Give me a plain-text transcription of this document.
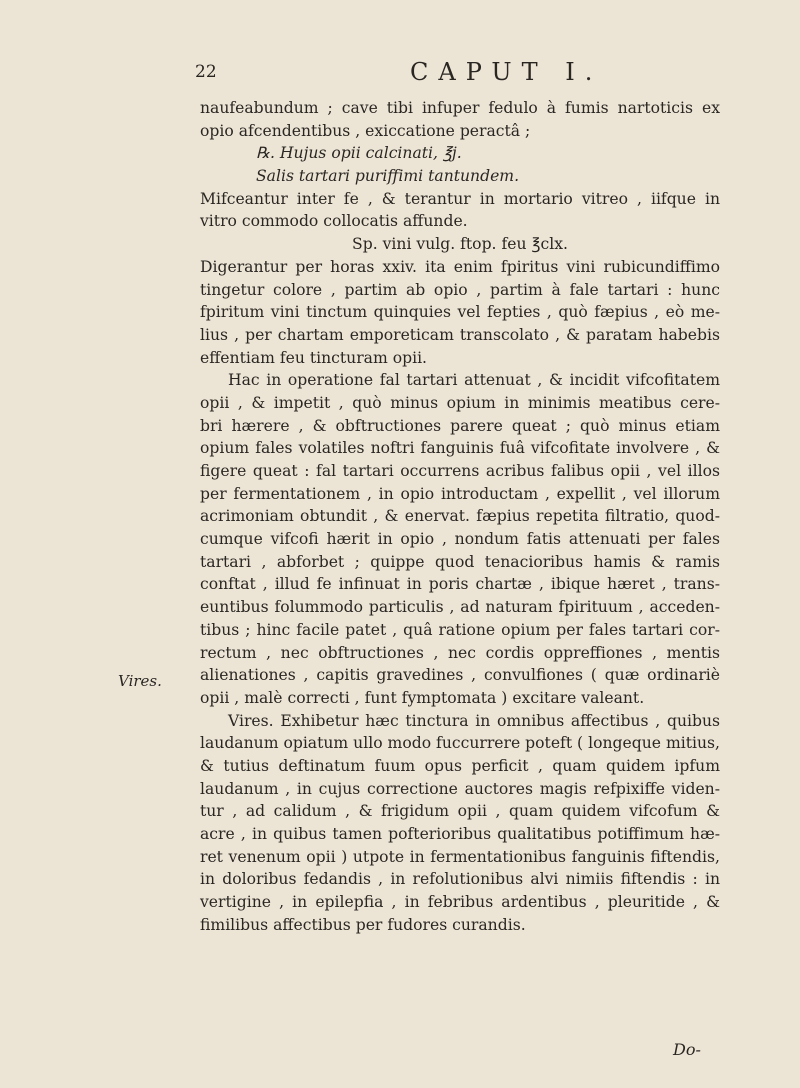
22	CAPUT I.
naufeabundum ; cave tibi infuper fedulo à fumis nartoticis ex
opio afcendentibus , exiccatione peractâ ;
℞. Hujus opii calcinati, ℥j.
Salis tartari puriffimi tantundem.
Mifceantur inter fe , & terantur in mortario vitreo , iifque in
vitro commodo collocatis affunde.
Sp. vini vulg. ftop. feu ℥clx.
Digerantur per horas xxiv. ita enim fpiritus vini rubicundiffimo
tingetur colore , partim ab opio , partim à fale tartari : hunc
fpiritum vini tinctum quinquies vel fepties , quò fæpius , eò me-
lius , per chartam emporeticam transcolato , & paratam habebis
effentiam feu tincturam opii.
Hac in operatione fal tartari attenuat , & incidit vifcofitatem
opii , & impetit , quò minus opium in minimis meatibus cere-
bri hærere , & obftructiones parere queat ; quò minus etiam
opium fales volatiles noftri fanguinis fuâ vifcofitate involvere , &
figere queat : fal tartari occurrens acribus falibus opii , vel illos
per fermentationem , in opio introductam , expellit , vel illorum
acrimoniam obtundit , & enervat. fæpius repetita filtratio, quod-
cumque vifcofi hærit in opio , nondum fatis attenuati per fales
tartari , abforbet ; quippe quod tenacioribus hamis & ramis
conftat , illud fe infinuat in poris chartæ , ibique hæret , trans-
euntibus folummodo particulis , ad naturam fpirituum , acceden-
tibus ; hinc facile patet , quâ ratione opium per fales tartari cor-
rectum , nec obftructiones , nec cordis oppreffiones , mentis
alienationes , capitis gravedines , convulfiones ( quæ ordinariè
opii , malè correcti , funt fymptomata ) excitare valeant.
Vires. Exhibetur hæc tinctura in omnibus affectibus , quibus
laudanum opiatum ullo modo fuccurrere poteft ( longeque mitius,
& tutius deftinatum fuum opus perficit , quam quidem ipfum
laudanum , in cujus correctione auctores magis refpixiffe viden-
tur , ad calidum , & frigidum opii , quam quidem vifcofum &
acre , in quibus tamen pofterioribus qualitatibus potiffimum hæ-
ret venenum opii ) utpote in fermentationibus fanguinis fiftendis,
in doloribus fedandis , in refolutionibus alvi nimiis fiftendis : in
vertigine , in epilepfia , in febribus ardentibus , pleuritide , &
fimilibus affectibus per fudores curandis.
Vires.
Do-
